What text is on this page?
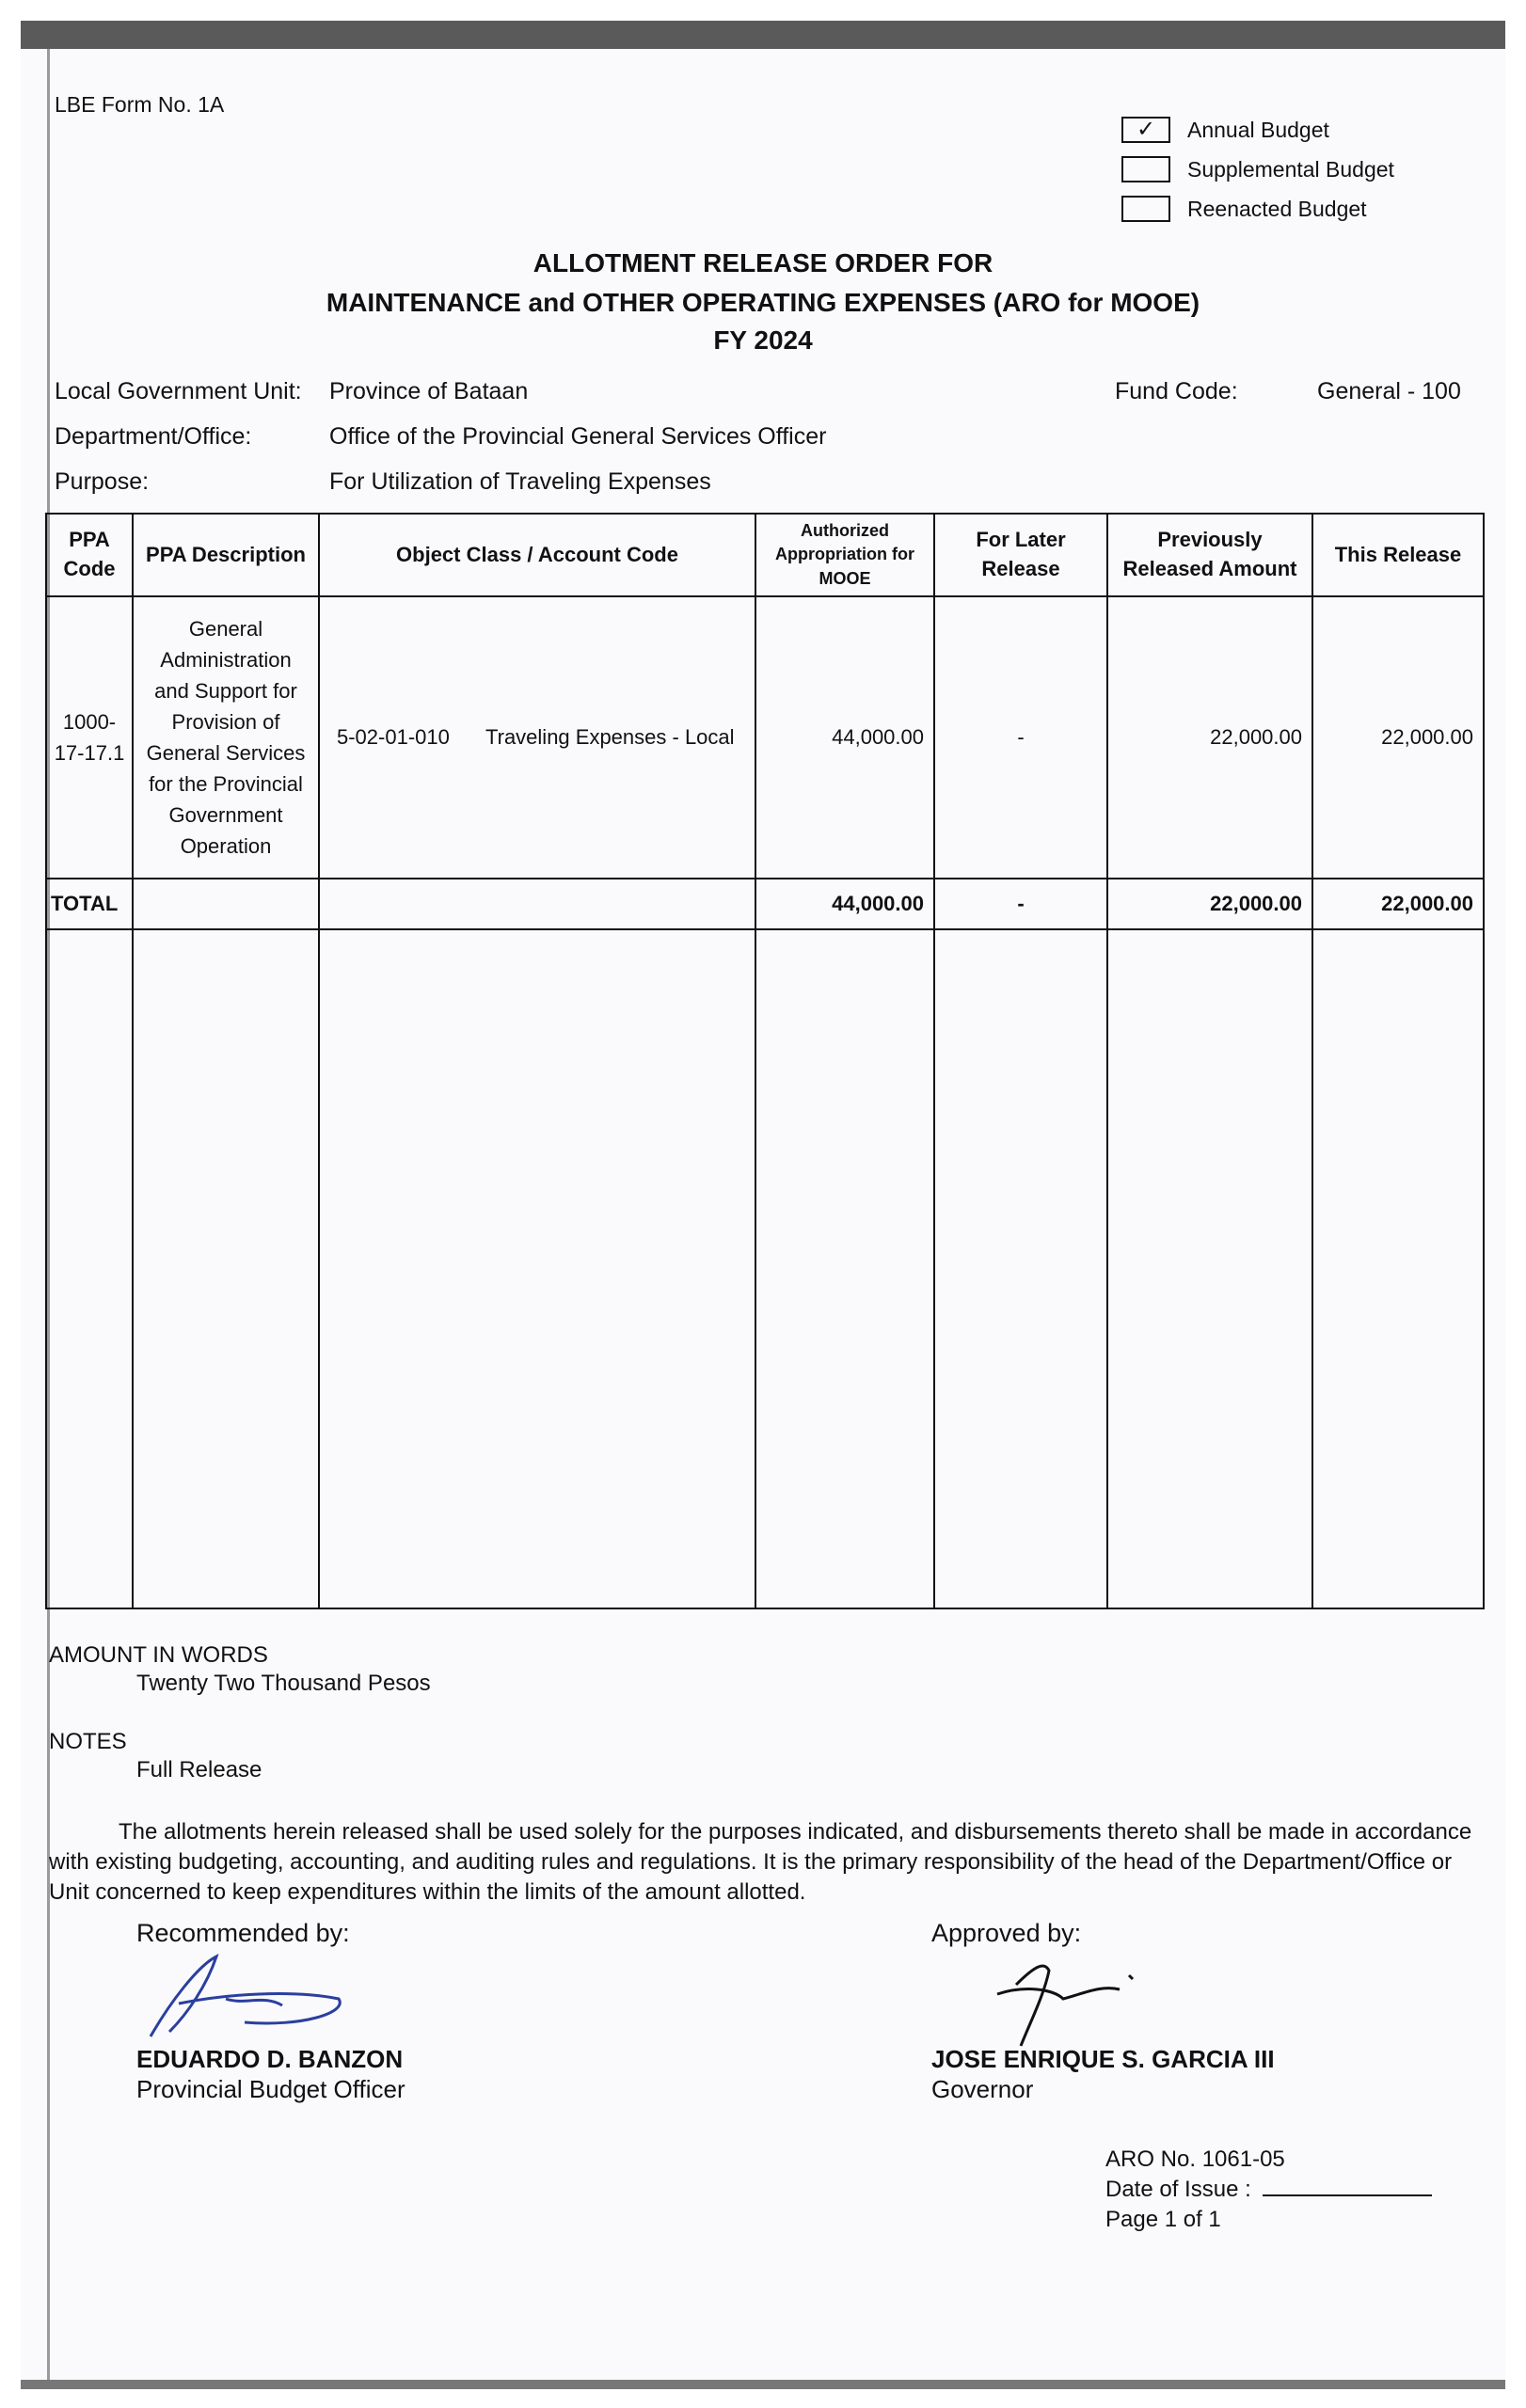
LBE Form No. 1A
✓	Annual Budget
Supplemental Budget
Reenacted Budget
ALLOTMENT RELEASE ORDER FOR
MAINTENANCE and OTHER OPERATING EXPENSES (ARO for MOOE)
FY 2024
Local Government Unit: Province of Bataan	Fund Code:	General - 100
Department/Office:	Office of the Provincial General Services Officer
Purpose:	For Utilization of Traveling Expenses
PPA Code	PPA Description	Object Class / Account Code	Authorized Appropriation for MOOE	For Later Release	Previously Released Amount	This Release
1000-17-17.1	General Administration and Support for Provision of General Services for the Provincial Government Operation	5-02-01-010 Traveling Expenses - Local	44,000.00	-	22,000.00	22,000.00
TOTAL			44,000.00	-	22,000.00	22,000.00

AMOUNT IN WORDS
Twenty Two Thousand Pesos
NOTES
Full Release
The allotments herein released shall be used solely for the purposes indicated, and disbursements thereto shall be made in accordance with existing budgeting, accounting, and auditing rules and regulations. It is the primary responsibility of the head of the Department/Office or Unit concerned to keep expenditures within the limits of the amount allotted.
Recommended by:
EDUARDO D. BANZON
Provincial Budget Officer
Approved by:
JOSE ENRIQUE S. GARCIA III
Governor
ARO No. 1061-05
Date of Issue :
Page 1 of 1
